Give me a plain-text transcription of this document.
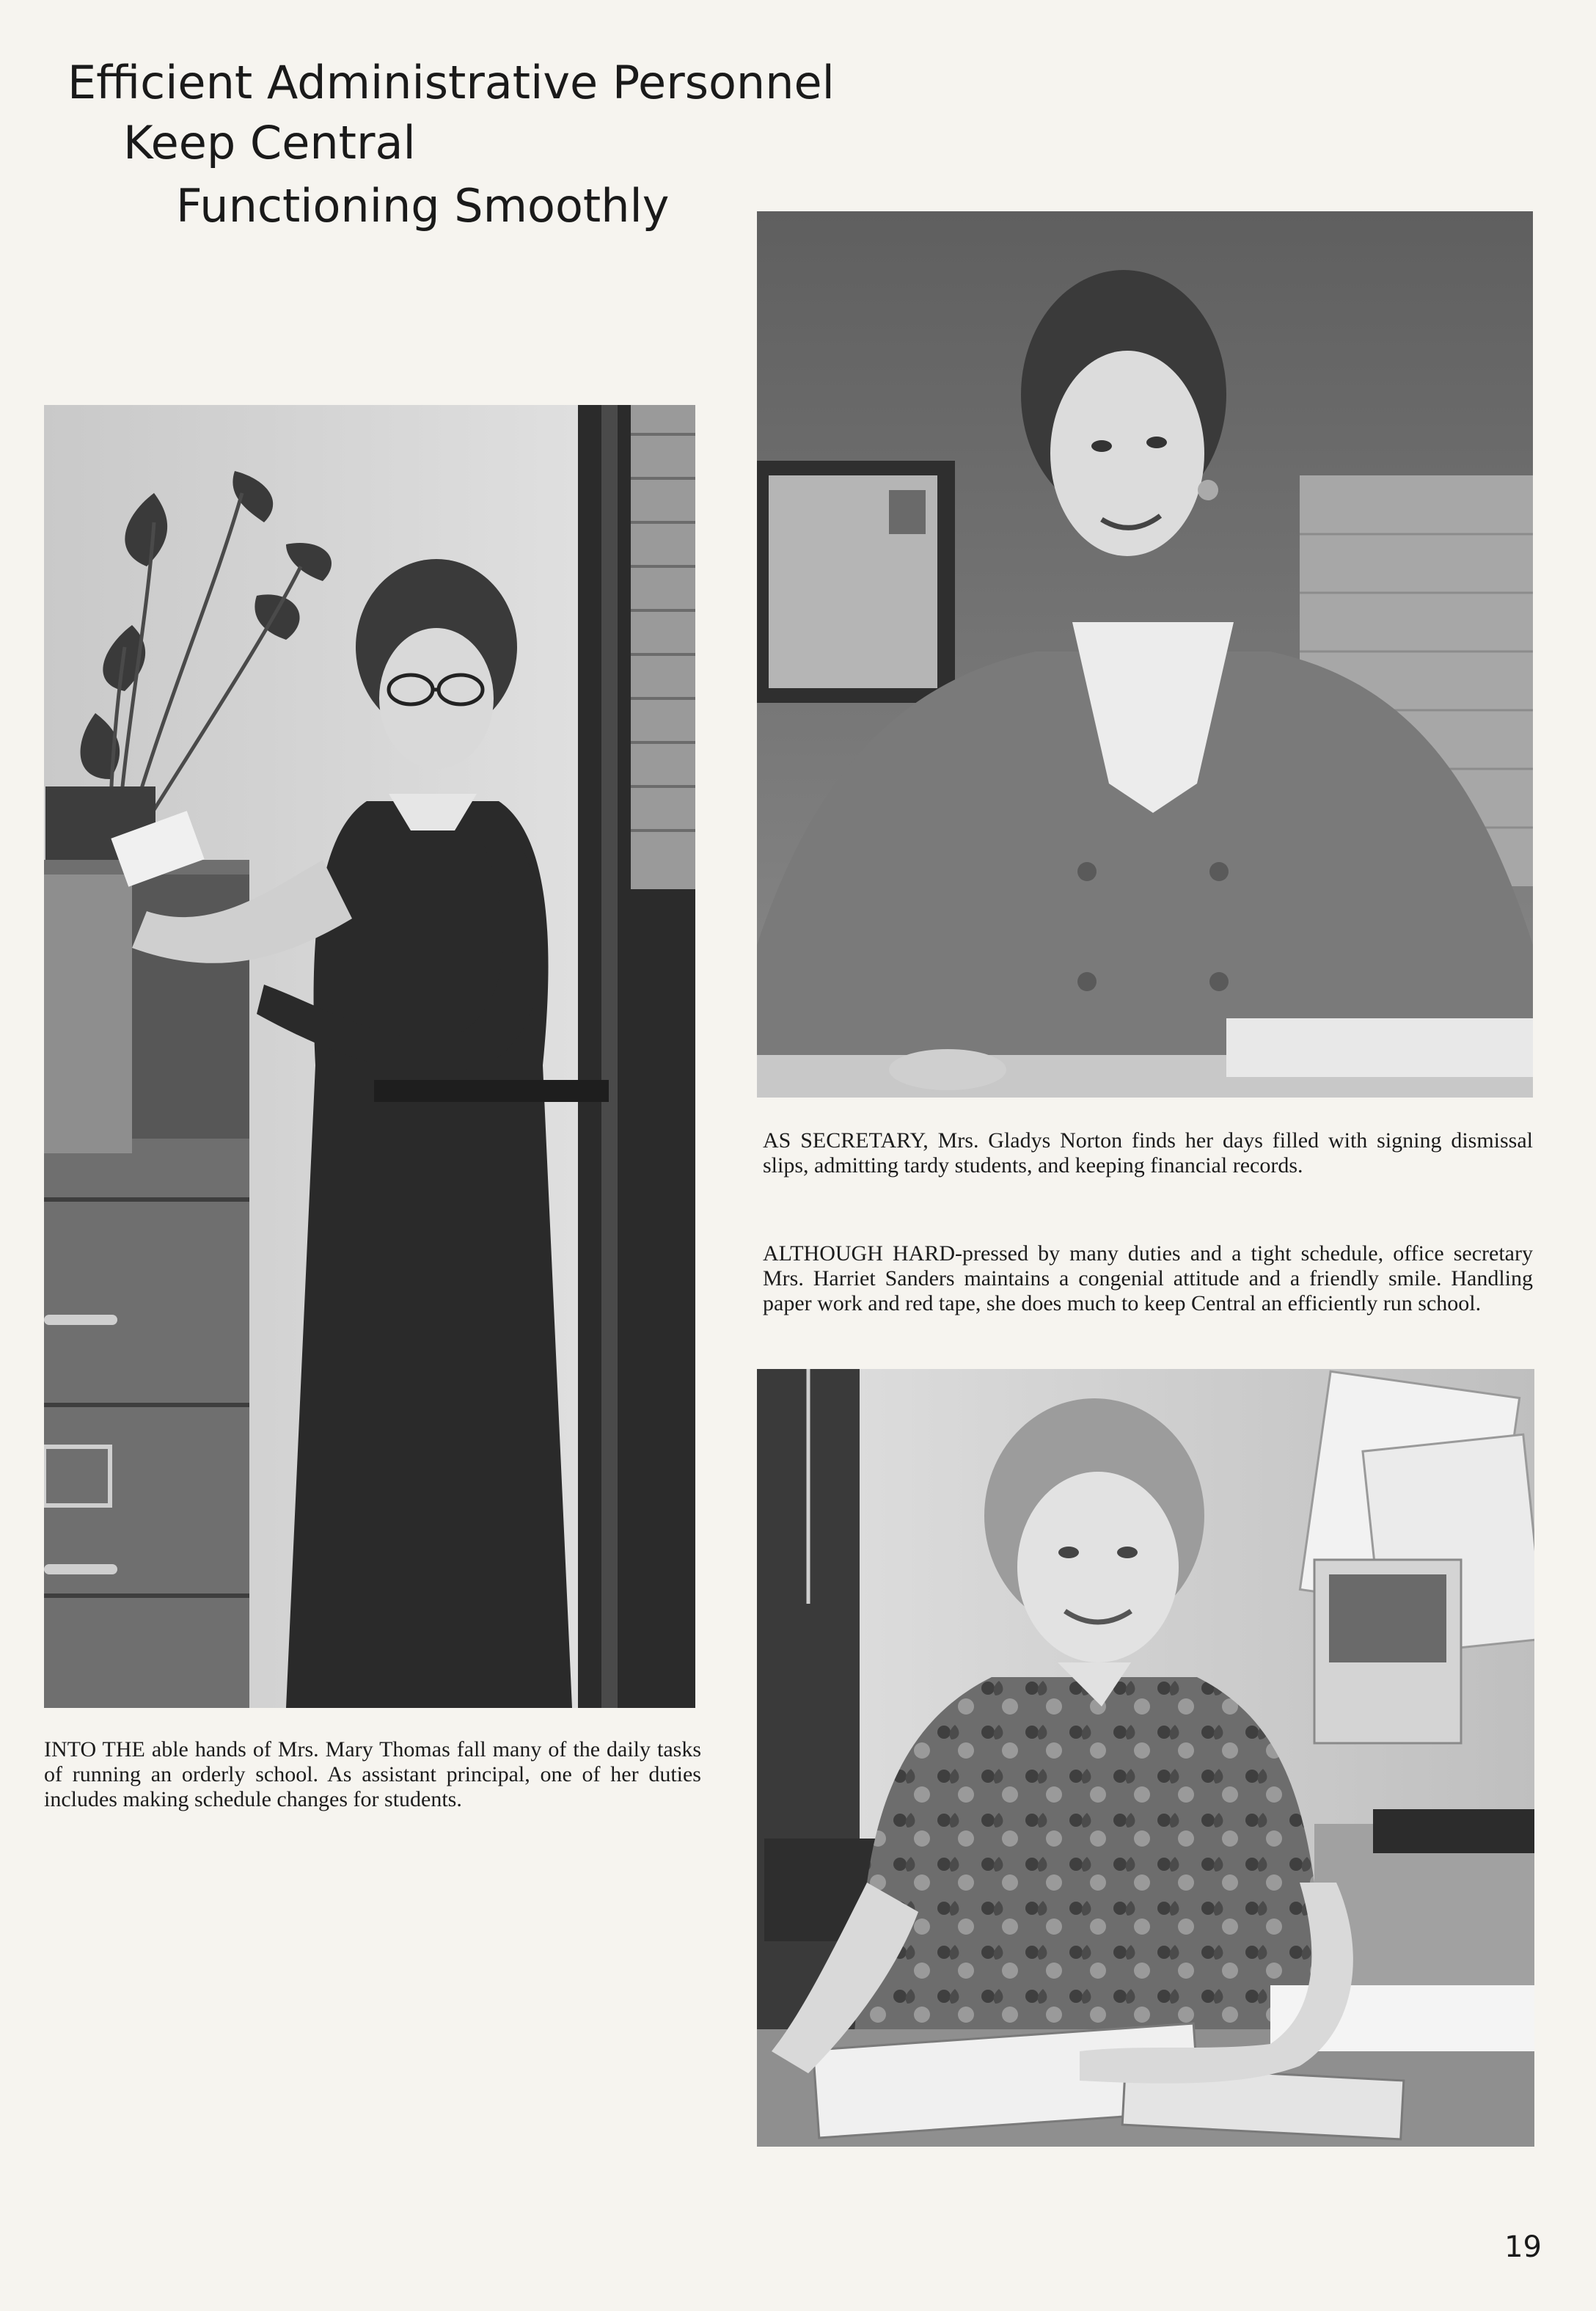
Efficient Administrative Personnel
Keep Central
Functioning Smoothly
AS SECRETARY, Mrs. Gladys Norton finds her days filled with signing dismissal slips, admitting tardy students, and keeping financial records.
ALTHOUGH HARD-pressed by many duties and a tight schedule, office secretary Mrs. Harriet Sanders maintains a congenial attitude and a friendly smile. Handling paper work and red tape, she does much to keep Central an efficiently run school.
INTO THE able hands of Mrs. Mary Thomas fall many of the daily tasks of running an orderly school. As assistant principal, one of her duties includes making schedule changes for students.
19
